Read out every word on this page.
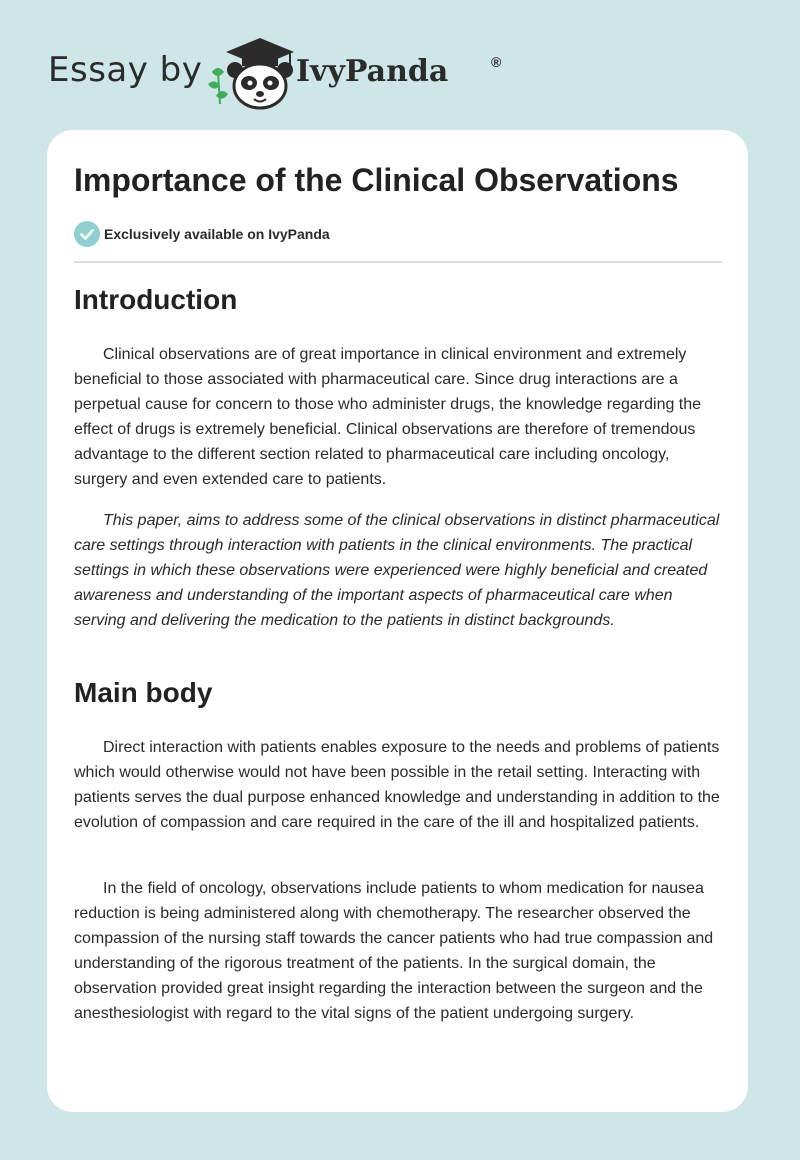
Essay by	IvyPanda	®
Importance of the Clinical Observations
Exclusively available on IvyPanda
Introduction

Clinical observations are of great importance in clinical environment and extremely beneficial to those associated with pharmaceutical care. Since drug interactions are a perpetual cause for concern to those who administer drugs, the knowledge regarding the effect of drugs is extremely beneficial. Clinical observations are therefore of tremendous advantage to the different section related to pharmaceutical care including oncology, surgery and even extended care to patients.

This paper, aims to address some of the clinical observations in distinct pharmaceutical care settings through interaction with patients in the clinical environments. The practical settings in which these observations were experienced were highly beneficial and created awareness and understanding of the important aspects of pharmaceutical care when serving and delivering the medication to the patients in distinct backgrounds.

Main body

Direct interaction with patients enables exposure to the needs and problems of patients which would otherwise would not have been possible in the retail setting. Interacting with patients serves the dual purpose enhanced knowledge and understanding in addition to the evolution of compassion and care required in the care of the ill and hospitalized patients.

In the field of oncology, observations include patients to whom medication for nausea reduction is being administered along with chemotherapy. The researcher observed the compassion of the nursing staff towards the cancer patients who had true compassion and understanding of the rigorous treatment of the patients. In the surgical domain, the observation provided great insight regarding the interaction between the surgeon and the anesthesiologist with regard to the vital signs of the patient undergoing surgery.
